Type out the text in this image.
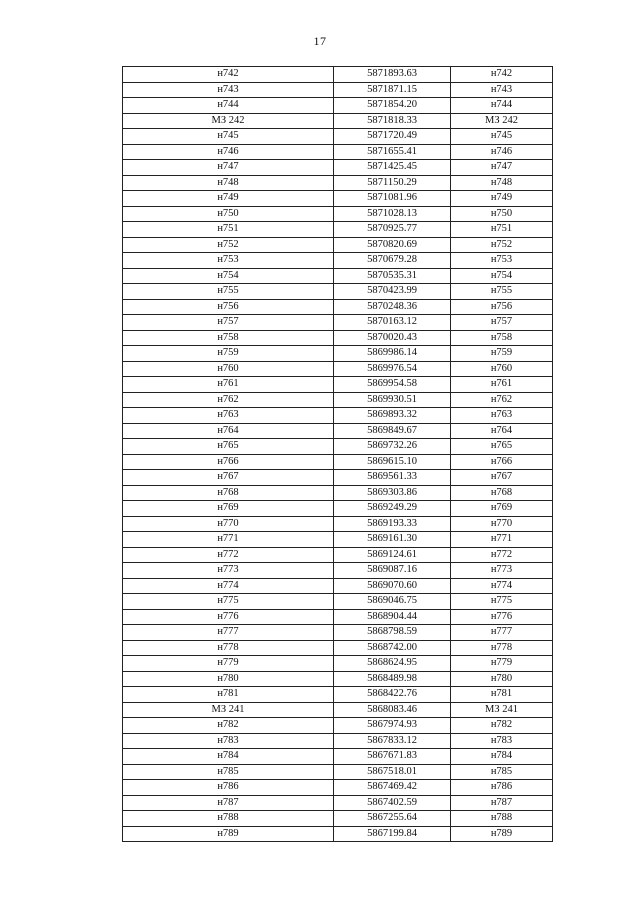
17
н742	5871893.63	н742
н743	5871871.15	н743
н744	5871854.20	н744
МЗ 242	5871818.33	МЗ 242
н745	5871720.49	н745
н746	5871655.41	н746
н747	5871425.45	н747
н748	5871150.29	н748
н749	5871081.96	н749
н750	5871028.13	н750
н751	5870925.77	н751
н752	5870820.69	н752
н753	5870679.28	н753
н754	5870535.31	н754
н755	5870423.99	н755
н756	5870248.36	н756
н757	5870163.12	н757
н758	5870020.43	н758
н759	5869986.14	н759
н760	5869976.54	н760
н761	5869954.58	н761
н762	5869930.51	н762
н763	5869893.32	н763
н764	5869849.67	н764
н765	5869732.26	н765
н766	5869615.10	н766
н767	5869561.33	н767
н768	5869303.86	н768
н769	5869249.29	н769
н770	5869193.33	н770
н771	5869161.30	н771
н772	5869124.61	н772
н773	5869087.16	н773
н774	5869070.60	н774
н775	5869046.75	н775
н776	5868904.44	н776
н777	5868798.59	н777
н778	5868742.00	н778
н779	5868624.95	н779
н780	5868489.98	н780
н781	5868422.76	н781
МЗ 241	5868083.46	МЗ 241
н782	5867974.93	н782
н783	5867833.12	н783
н784	5867671.83	н784
н785	5867518.01	н785
н786	5867469.42	н786
н787	5867402.59	н787
н788	5867255.64	н788
н789	5867199.84	н789
